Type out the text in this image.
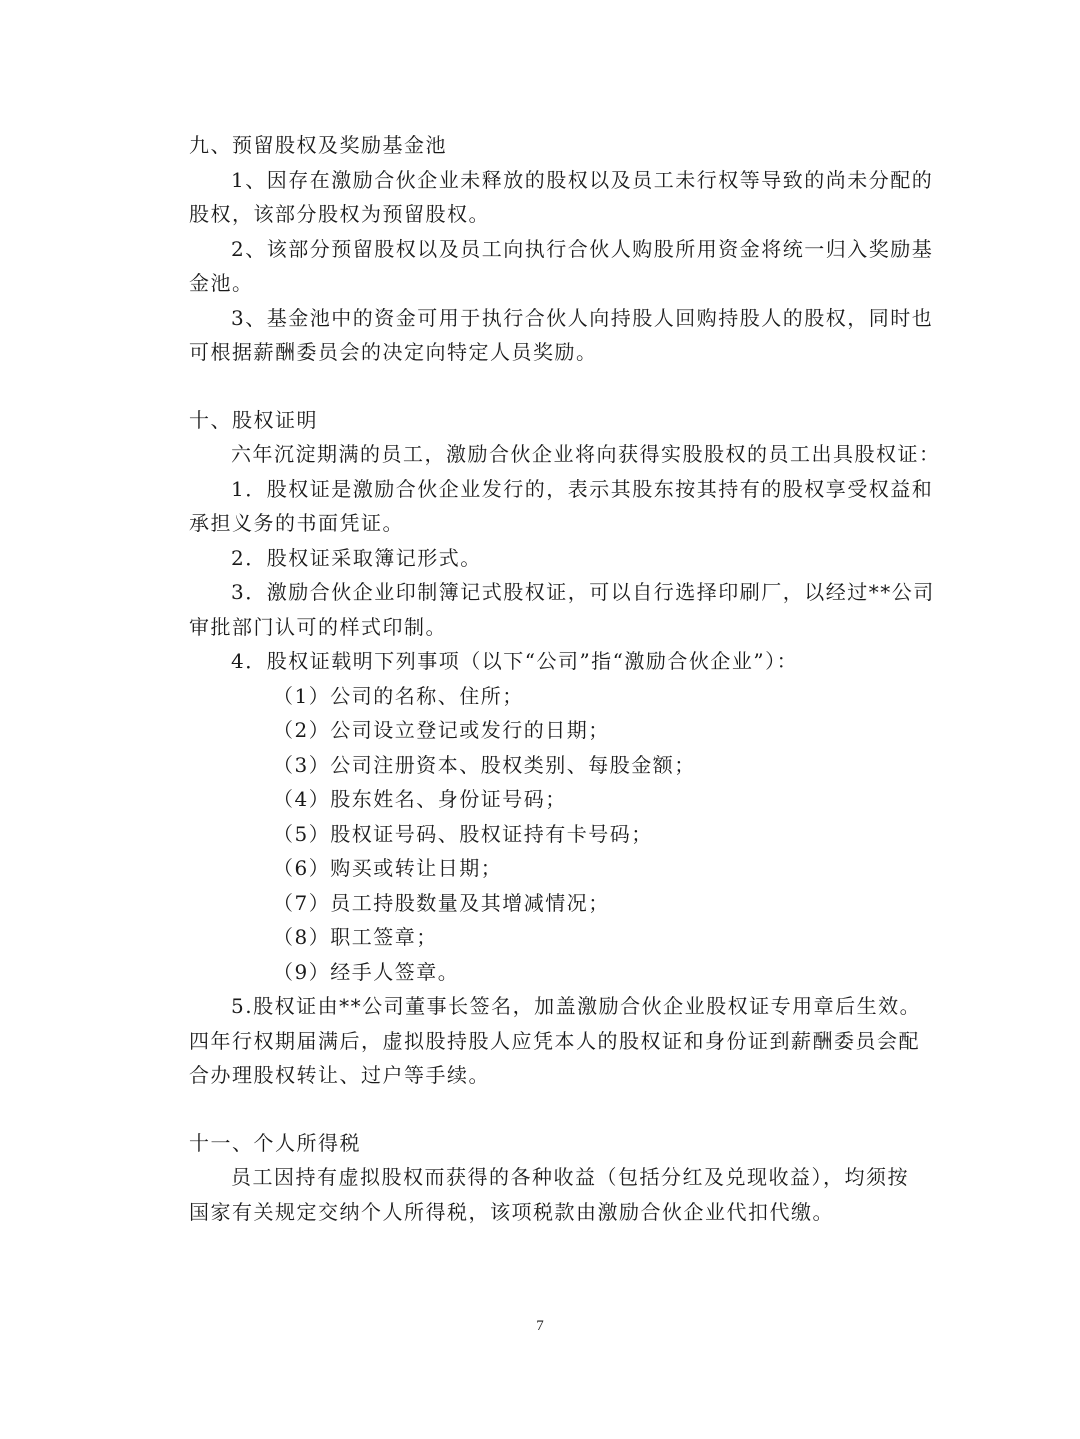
九、预留股权及奖励基金池
1、因存在激励合伙企业未释放的股权以及员工未行权等导致的尚未分配的
股权，该部分股权为预留股权。
2、该部分预留股权以及员工向执行合伙人购股所用资金将统一归入奖励基
金池。
3、基金池中的资金可用于执行合伙人向持股人回购持股人的股权，同时也
可根据薪酬委员会的决定向特定人员奖励。
十、股权证明
六年沉淀期满的员工，激励合伙企业将向获得实股股权的员工出具股权证：
1．股权证是激励合伙企业发行的，表示其股东按其持有的股权享受权益和
承担义务的书面凭证。
2．股权证采取簿记形式。
3．激励合伙企业印制簿记式股权证，可以自行选择印刷厂，以经过**公司
审批部门认可的样式印制。
4．股权证载明下列事项（以下“公司”指“激励合伙企业”）：
（1）公司的名称、住所；
（2）公司设立登记或发行的日期；
（3）公司注册资本、股权类别、每股金额；
（4）股东姓名、身份证号码；
（5）股权证号码、股权证持有卡号码；
（6）购买或转让日期；
（7）员工持股数量及其增减情况；
（8）职工签章；
（9）经手人签章。
5.股权证由**公司董事长签名，加盖激励合伙企业股权证专用章后生效。
四年行权期届满后，虚拟股持股人应凭本人的股权证和身份证到薪酬委员会配
合办理股权转让、过户等手续。
十一、个人所得税
员工因持有虚拟股权而获得的各种收益（包括分红及兑现收益），均须按
国家有关规定交纳个人所得税，该项税款由激励合伙企业代扣代缴。
7
